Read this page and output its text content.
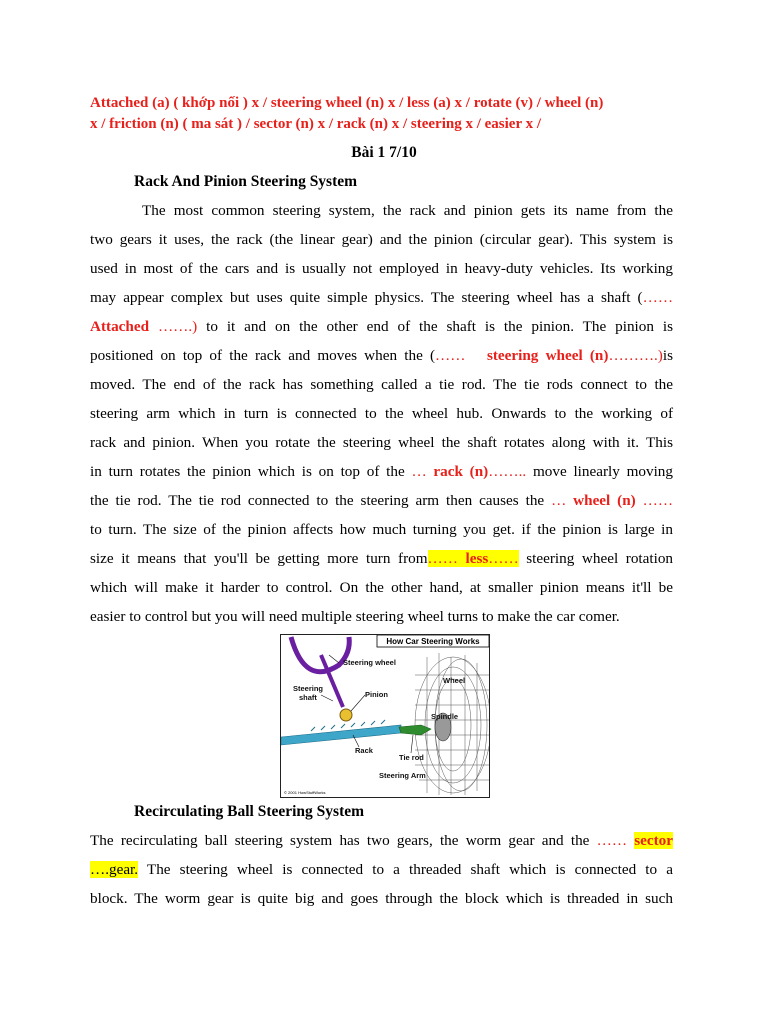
Attached (a) ( khớp nối ) x / steering wheel (n) x / less (a) x / rotate (v) / wheel (n)
x / friction (n) ( ma sát ) / sector (n) x / rack (n) x / steering x / easier x /
Bài 1 7/10
Rack And Pinion Steering System
The most common steering system, the rack and pinion gets its name from the
two gears it uses, the rack (the linear gear) and the pinion (circular gear). This system is
used in most of the cars and is usually not employed in heavy-duty vehicles. Its working
may appear complex but uses quite simple physics. The steering wheel has a shaft (……
Attached …….) to it and on the other end of the shaft is the pinion. The pinion is
positioned on top of the rack and moves when the (……   steering wheel (n)……….)is
moved. The end of the rack has something called a tie rod. The tie rods connect to the
steering arm which in turn is connected to the wheel hub. Onwards to the working of
rack and pinion. When you rotate the steering wheel the shaft rotates along with it. This
in turn rotates the pinion which is on top of the … rack (n)…….. move linearly moving
the tie rod. The tie rod connected to the steering arm then causes the … wheel (n) ……
to turn. The size of the pinion affects how much turning you get. if the pinion is large in
size it means that you'll be getting more turn from…… less…… steering wheel rotation
which will make it harder to control. On the other hand, at smaller pinion means it'll be
easier to control but you will need multiple steering wheel turns to make the car comer.
How Car Steering Works
Steering wheel
Steering
shaft	Pinion
Rack
Tie rod
Steering Arm
Wheel
Spindle
© 2001 HowStuffWorks
Recirculating Ball Steering System
The recirculating ball steering system has two gears, the worm gear and the …… sector
….gear. The steering wheel is connected to a threaded shaft which is connected to a
block. The worm gear is quite big and goes through the block which is threaded in such
